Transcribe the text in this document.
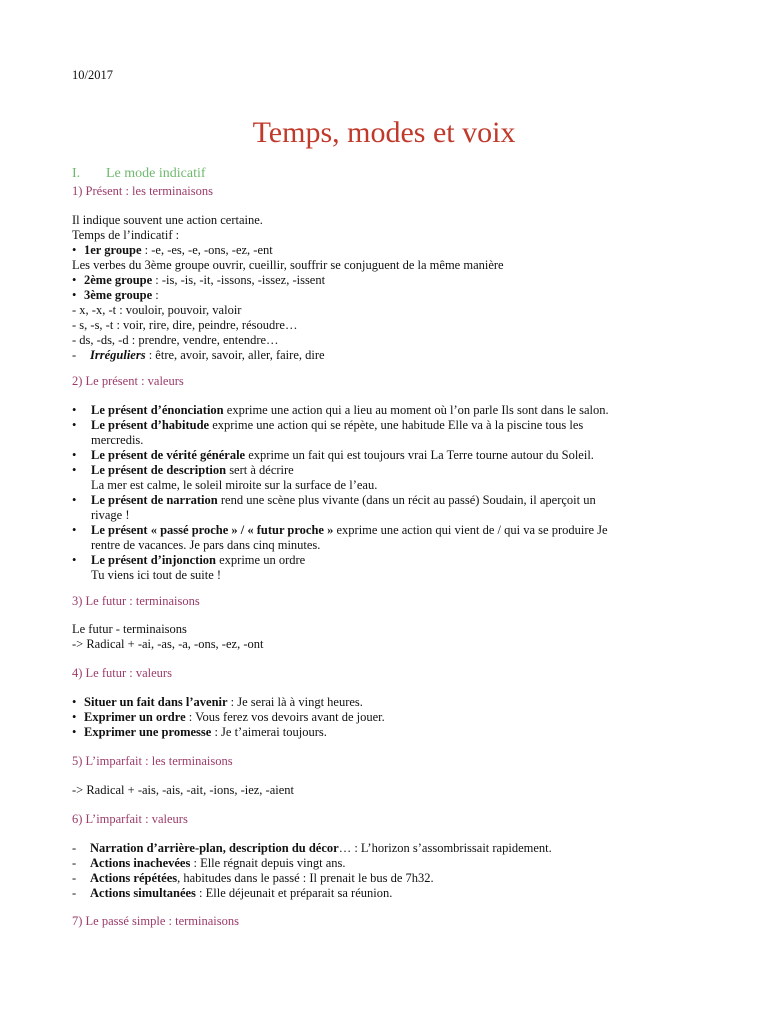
10/2017
Temps, modes et voix
I. Le mode indicatif
1) Présent : les terminaisons
Il indique souvent une action certaine.
Temps de l’indicatif :
• 1er groupe : -e, -es, -e, -ons, -ez, -ent
Les verbes du 3ème groupe ouvrir, cueillir, souffrir se conjuguent de la même manière
• 2ème groupe : -is, -is, -it, -issons, -issez, -issent
• 3ème groupe :
- x, -x, -t : vouloir, pouvoir, valoir
- s, -s, -t : voir, rire, dire, peindre, résoudre…
- ds, -ds, -d : prendre, vendre, entendre…
- Irréguliers : être, avoir, savoir, aller, faire, dire
2) Le présent : valeurs
•	Le présent d’énonciation exprime une action qui a lieu au moment où l’on parle Ils sont dans le salon.
•	Le présent d’habitude exprime une action qui se répète, une habitude Elle va à la piscine tous les
mercredis.
•	Le présent de vérité générale exprime un fait qui est toujours vrai La Terre tourne autour du Soleil.
•	Le présent de description sert à décrire
La mer est calme, le soleil miroite sur la surface de l’eau.
•	Le présent de narration rend une scène plus vivante (dans un récit au passé) Soudain, il aperçoit un
rivage !
•	Le présent « passé proche » / « futur proche » exprime une action qui vient de / qui va se produire Je
rentre de vacances. Je pars dans cinq minutes.
•	Le présent d’injonction exprime un ordre
Tu viens ici tout de suite !
3) Le futur : terminaisons
Le futur - terminaisons
-> Radical + -ai, -as, -a, -ons, -ez, -ont
4) Le futur : valeurs
• Situer un fait dans l’avenir : Je serai là à vingt heures.
• Exprimer un ordre : Vous ferez vos devoirs avant de jouer.
• Exprimer une promesse : Je t’aimerai toujours.
5) L’imparfait : les terminaisons
-> Radical + -ais, -ais, -ait, -ions, -iez, -aient
6) L’imparfait : valeurs
- Narration d’arrière-plan, description du décor… : L’horizon s’assombrissait rapidement.
- Actions inachevées : Elle régnait depuis vingt ans.
- Actions répétées, habitudes dans le passé : Il prenait le bus de 7h32.
- Actions simultanées : Elle déjeunait et préparait sa réunion.
7) Le passé simple : terminaisons
